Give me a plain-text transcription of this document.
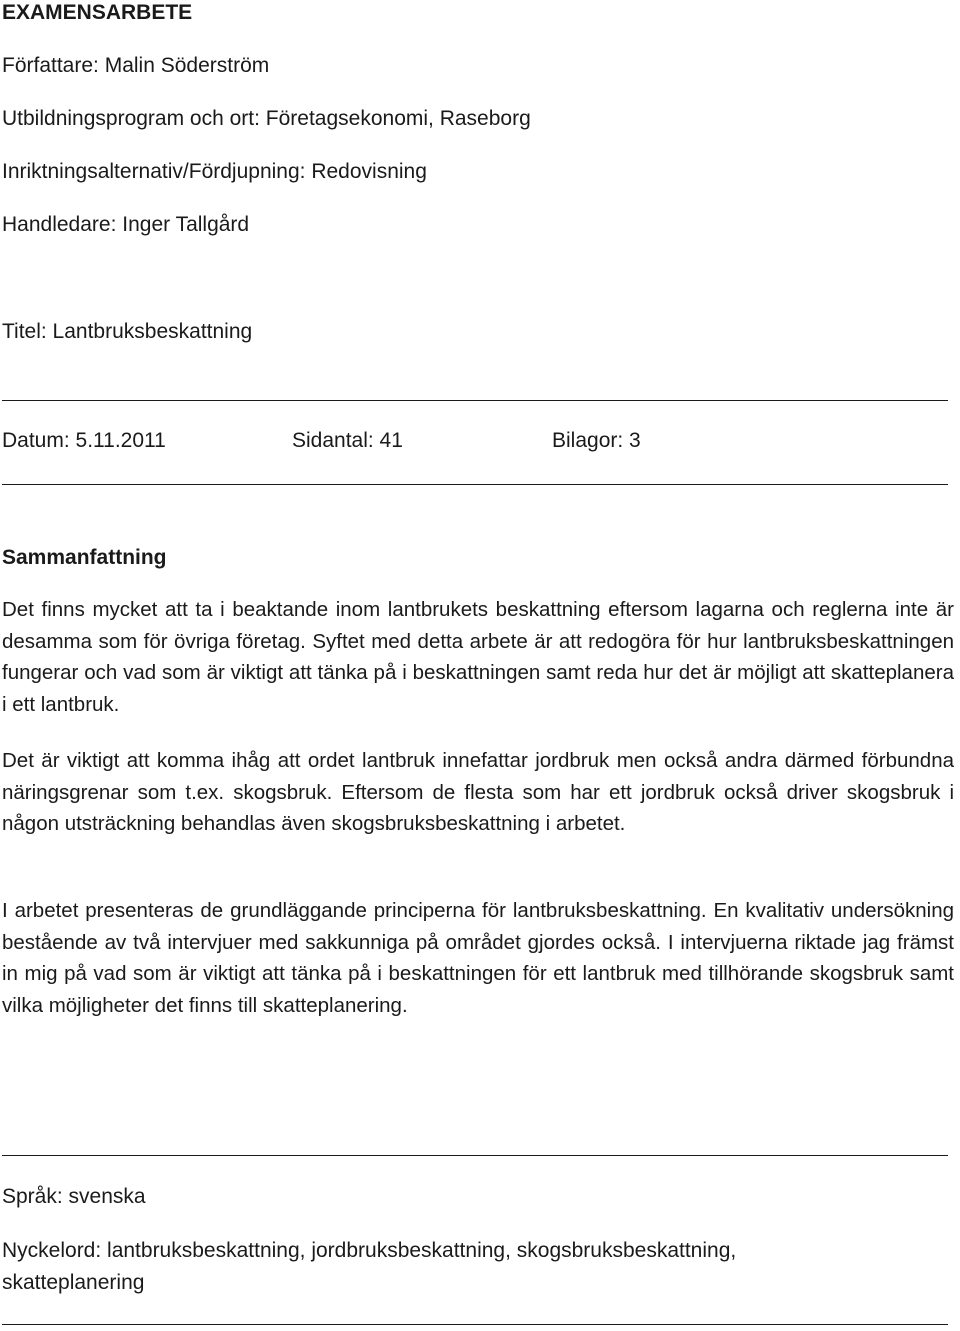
EXAMENSARBETE
Författare: Malin Söderström
Utbildningsprogram och ort: Företagsekonomi, Raseborg
Inriktningsalternativ/Fördjupning: Redovisning
Handledare: Inger Tallgård
Titel: Lantbruksbeskattning
Datum: 5.11.2011	Sidantal: 41	Bilagor: 3
Sammanfattning

Det finns mycket att ta i beaktande inom lantbrukets beskattning eftersom lagarna och reglerna inte är desamma som för övriga företag. Syftet med detta arbete är att redogöra för hur lantbruksbeskattningen fungerar och vad som är viktigt att tänka på i beskattningen samt reda hur det är möjligt att skatteplanera i ett lantbruk.

Det är viktigt att komma ihåg att ordet lantbruk innefattar jordbruk men också andra därmed förbundna näringsgrenar som t.ex. skogsbruk. Eftersom de flesta som har ett jordbruk också driver skogsbruk i någon utsträckning behandlas även skogsbruksbeskattning i arbetet.

I arbetet presenteras de grundläggande principerna för lantbruksbeskattning. En kvalitativ undersökning bestående av två intervjuer med sakkunniga på området gjordes också. I intervjuerna riktade jag främst in mig på vad som är viktigt att tänka på i beskattningen för ett lantbruk med tillhörande skogsbruk samt vilka möjligheter det finns till skatteplanering.

Språk: svenska
Nyckelord: lantbruksbeskattning, jordbruksbeskattning, skogsbruksbeskattning,
skatteplanering
